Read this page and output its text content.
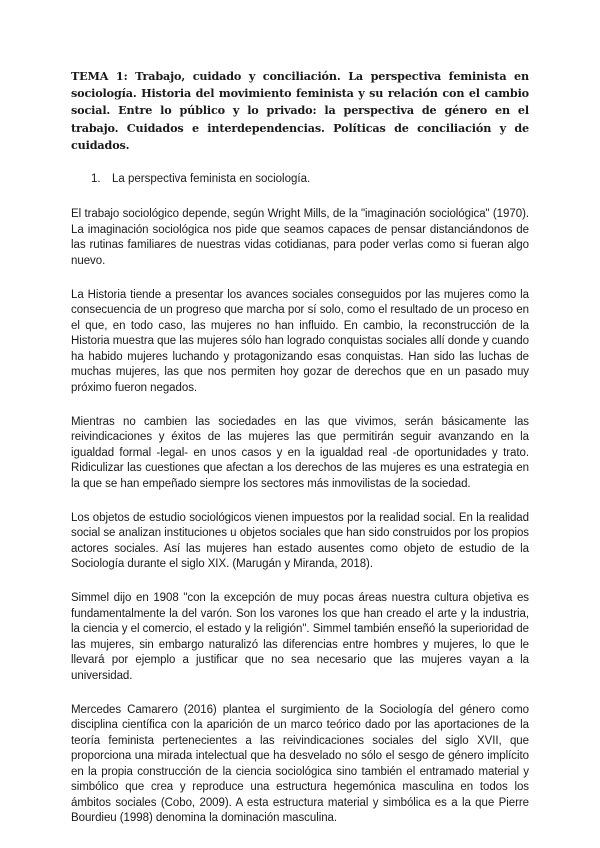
TEMA 1: Trabajo, cuidado y conciliación. La perspectiva feminista en sociología. Historia del movimiento feminista y su relación con el cambio social. Entre lo público y lo privado: la perspectiva de género en el trabajo. Cuidados e interdependencias. Políticas de conciliación y de cuidados.

1. La perspectiva feminista en sociología.

El trabajo sociológico depende, según Wright Mills, de la "imaginación sociológica" (1970). La imaginación sociológica nos pide que seamos capaces de pensar distanciándonos de las rutinas familiares de nuestras vidas cotidianas, para poder verlas como si fueran algo nuevo.

La Historia tiende a presentar los avances sociales conseguidos por las mujeres como la consecuencia de un progreso que marcha por sí solo, como el resultado de un proceso en el que, en todo caso, las mujeres no han influido. En cambio, la reconstrucción de la Historia muestra que las mujeres sólo han logrado conquistas sociales allí donde y cuando ha habido mujeres luchando y protagonizando esas conquistas. Han sido las luchas de muchas mujeres, las que nos permiten hoy gozar de derechos que en un pasado muy próximo fueron negados.

Mientras no cambien las sociedades en las que vivimos, serán básicamente las reivindicaciones y éxitos de las mujeres las que permitirán seguir avanzando en la igualdad formal -legal- en unos casos y en la igualdad real -de oportunidades y trato. Ridiculizar las cuestiones que afectan a los derechos de las mujeres es una estrategia en la que se han empeñado siempre los sectores más inmovilistas de la sociedad.

Los objetos de estudio sociológicos vienen impuestos por la realidad social. En la realidad social se analizan instituciones u objetos sociales que han sido construidos por los propios actores sociales. Así las mujeres han estado ausentes como objeto de estudio de la Sociología durante el siglo XIX. (Marugán y Miranda, 2018).

Simmel dijo en 1908 "con la excepción de muy pocas áreas nuestra cultura objetiva es fundamentalmente la del varón. Son los varones los que han creado el arte y la industria, la ciencia y el comercio, el estado y la religión". Simmel también enseñó la superioridad de las mujeres, sin embargo naturalizó las diferencias entre hombres y mujeres, lo que le llevará por ejemplo a justificar que no sea necesario que las mujeres vayan a la universidad.

Mercedes Camarero (2016) plantea el surgimiento de la Sociología del género como disciplina científica con la aparición de un marco teórico dado por las aportaciones de la teoría feminista pertenecientes a las reivindicaciones sociales del siglo XVII, que proporciona una mirada intelectual que ha desvelado no sólo el sesgo de género implícito en la propia construcción de la ciencia sociológica sino también el entramado material y simbólico que crea y reproduce una estructura hegemónica masculina en todos los ámbitos sociales (Cobo, 2009). A esta estructura material y simbólica es a la que Pierre Bourdieu (1998) denomina la dominación masculina.
